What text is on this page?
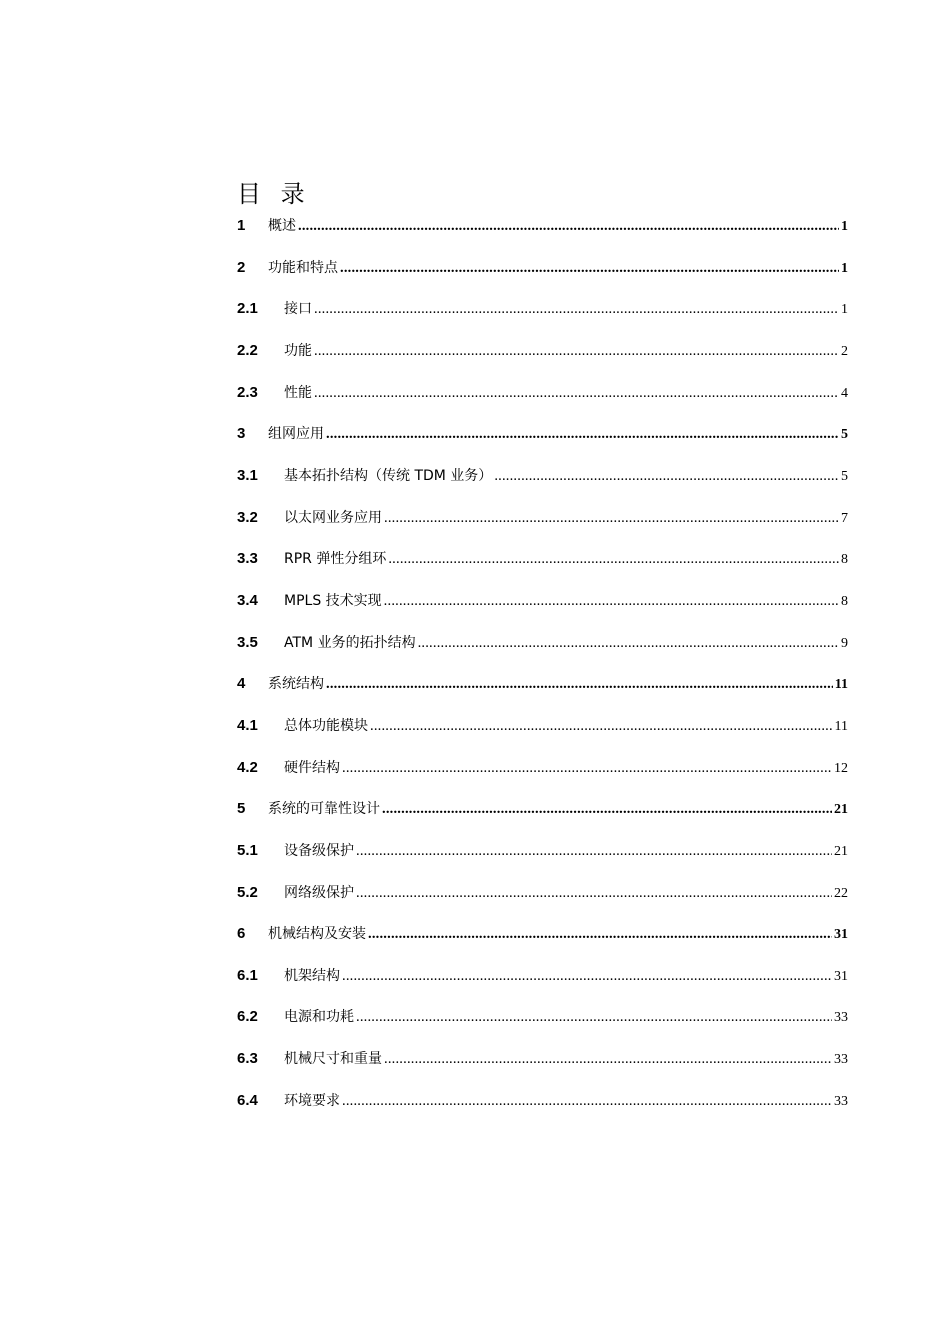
目 录
1	概述 .....	1
2	功能和特点 .....	1
2.1	接口 .....	1
2.2	功能 .....	2
2.3	性能 .....	4
3	组网应用 .....	5
3.1	基本拓扑结构（传统 TDM 业务） .....	5
3.2	以太网业务应用 .....	7
3.3	RPR 弹性分组环 .....	8
3.4	MPLS 技术实现 .....	8
3.5	ATM 业务的拓扑结构 .....	9
4	系统结构 .....	11
4.1	总体功能模块 .....	11
4.2	硬件结构 .....	12
5	系统的可靠性设计 .....	21
5.1	设备级保护 .....	21
5.2	网络级保护 .....	22
6	机械结构及安装 .....	31
6.1	机架结构 .....	31
6.2	电源和功耗 .....	33
6.3	机械尺寸和重量 .....	33
6.4	环境要求 .....	33
